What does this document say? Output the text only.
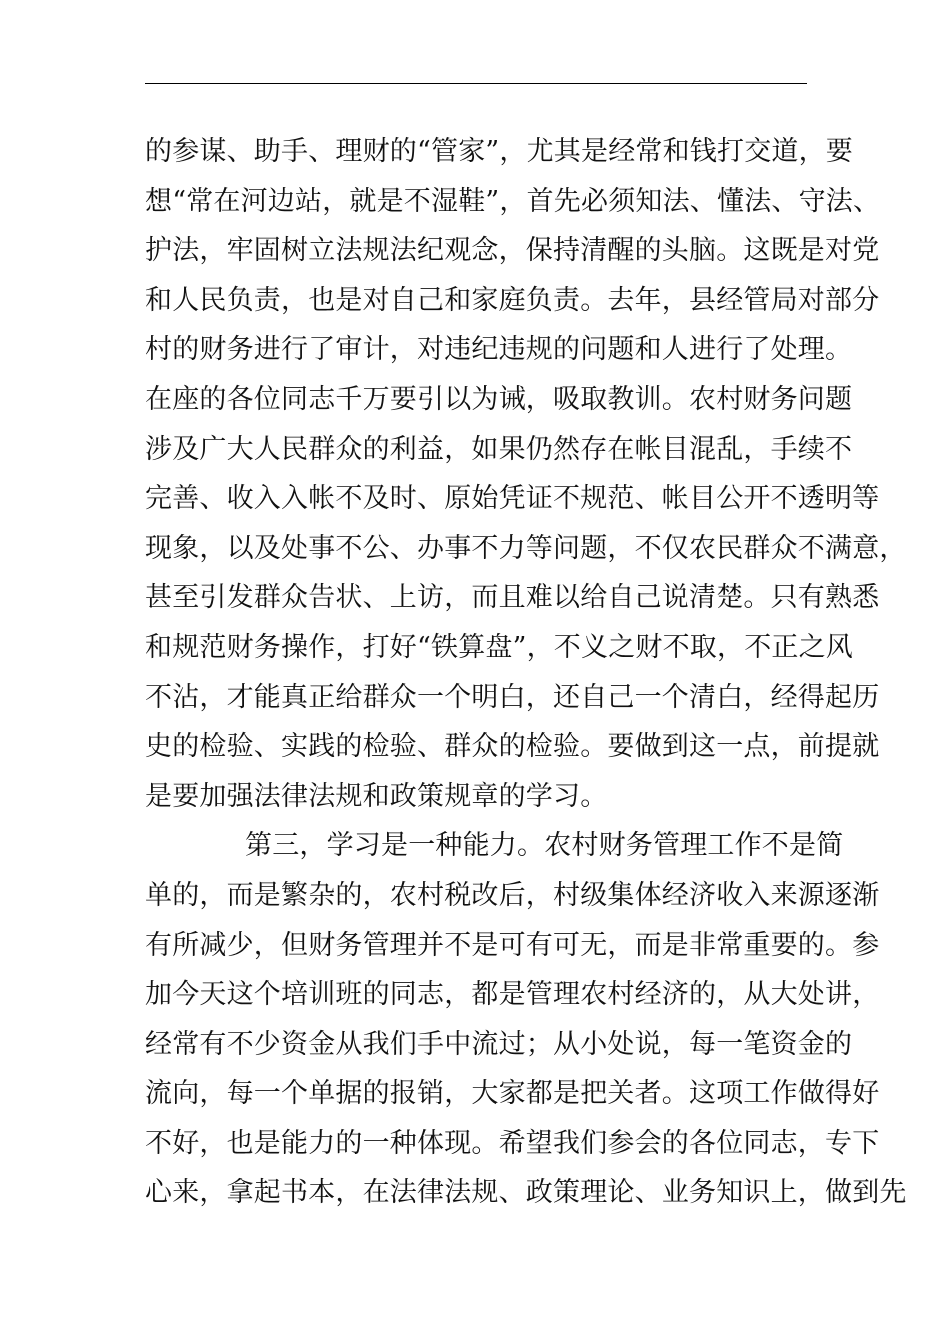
的参谋、助手、理财的“管家”，尤其是经常和钱打交道，要
想“常在河边站，就是不湿鞋”，首先必须知法、懂法、守法、
护法，牢固树立法规法纪观念，保持清醒的头脑。这既是对党
和人民负责，也是对自己和家庭负责。去年，县经管局对部分
村的财务进行了审计，对违纪违规的问题和人进行了处理。
在座的各位同志千万要引以为诫，吸取教训。农村财务问题
涉及广大人民群众的利益，如果仍然存在帐目混乱，手续不
完善、收入入帐不及时、原始凭证不规范、帐目公开不透明等
现象，以及处事不公、办事不力等问题，不仅农民群众不满意，
甚至引发群众告状、上访，而且难以给自己说清楚。只有熟悉
和规范财务操作，打好“铁算盘”，不义之财不取，不正之风
不沾，才能真正给群众一个明白，还自己一个清白，经得起历
史的检验、实践的检验、群众的检验。要做到这一点，前提就
是要加强法律法规和政策规章的学习。
第三，学习是一种能力。农村财务管理工作不是简
单的，而是繁杂的，农村税改后，村级集体经济收入来源逐渐
有所减少，但财务管理并不是可有可无，而是非常重要的。参
加今天这个培训班的同志，都是管理农村经济的，从大处讲，
经常有不少资金从我们手中流过；从小处说，每一笔资金的
流向，每一个单据的报销，大家都是把关者。这项工作做得好
不好，也是能力的一种体现。希望我们参会的各位同志，专下
心来，拿起书本，在法律法规、政策理论、业务知识上，做到先
